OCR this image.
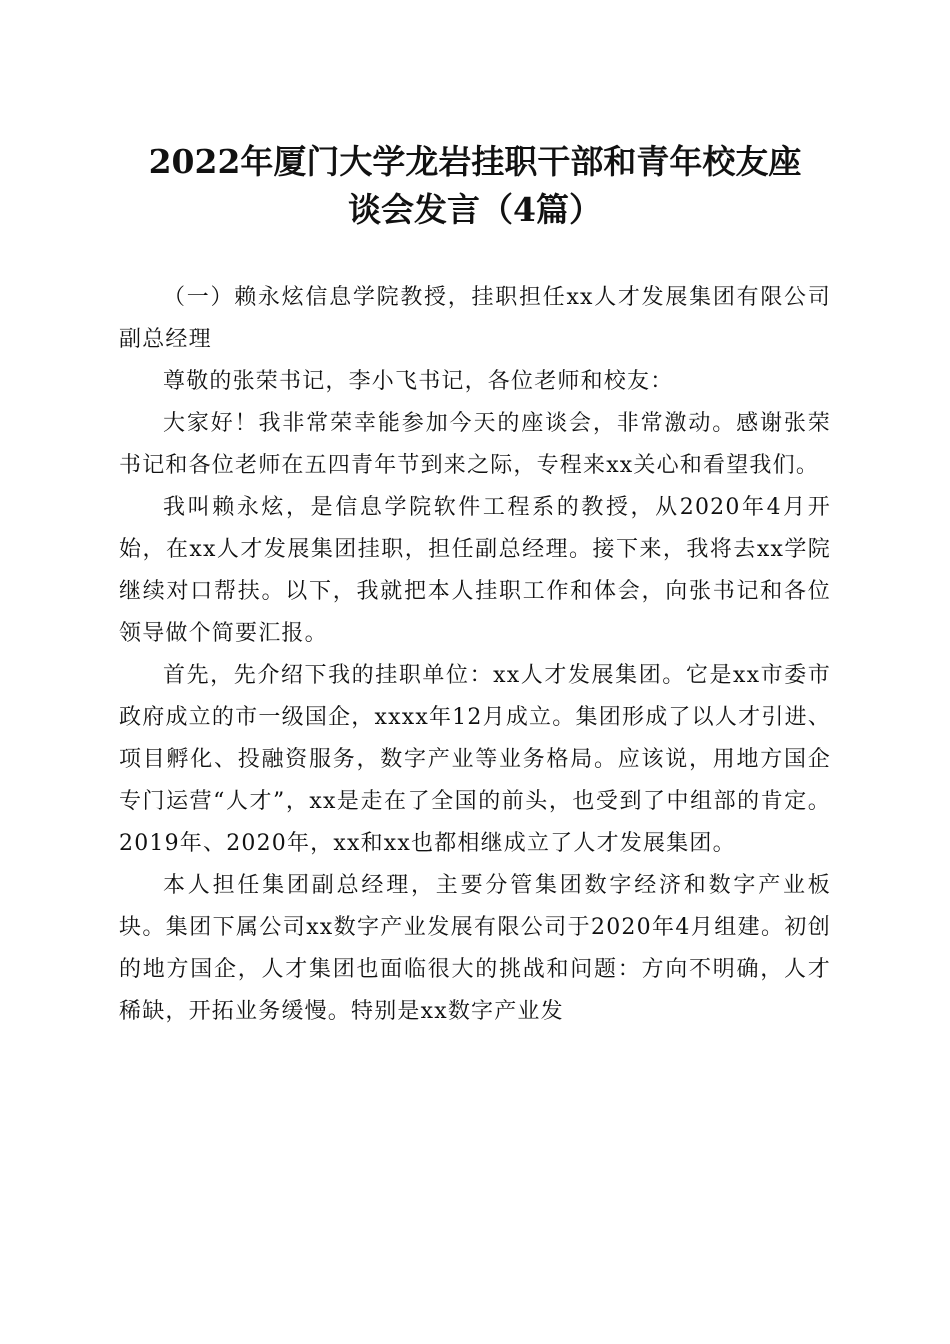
2022年厦门大学龙岩挂职干部和青年校友座
谈会发言（4篇）

（一）赖永炫信息学院教授，挂职担任xx人才发展集团有限公司副总经理

尊敬的张荣书记，李小飞书记，各位老师和校友：

大家好！我非常荣幸能参加今天的座谈会，非常激动。感谢张荣书记和各位老师在五四青年节到来之际，专程来xx关心和看望我们。

我叫赖永炫，是信息学院软件工程系的教授，从2020年4月开始，在xx人才发展集团挂职，担任副总经理。接下来，我将去xx学院继续对口帮扶。以下，我就把本人挂职工作和体会，向张书记和各位领导做个简要汇报。

首先，先介绍下我的挂职单位：xx人才发展集团。它是xx市委市政府成立的市一级国企，xxxx年12月成立。集团形成了以人才引进、项目孵化、投融资服务，数字产业等业务格局。应该说，用地方国企专门运营“人才”，xx是走在了全国的前头，也受到了中组部的肯定。2019年、2020年，xx和xx也都相继成立了人才发展集团。

本人担任集团副总经理，主要分管集团数字经济和数字产业板块。集团下属公司xx数字产业发展有限公司于2020年4月组建。初创的地方国企，人才集团也面临很大的挑战和问题：方向不明确，人才稀缺，开拓业务缓慢。特别是xx数字产业发
